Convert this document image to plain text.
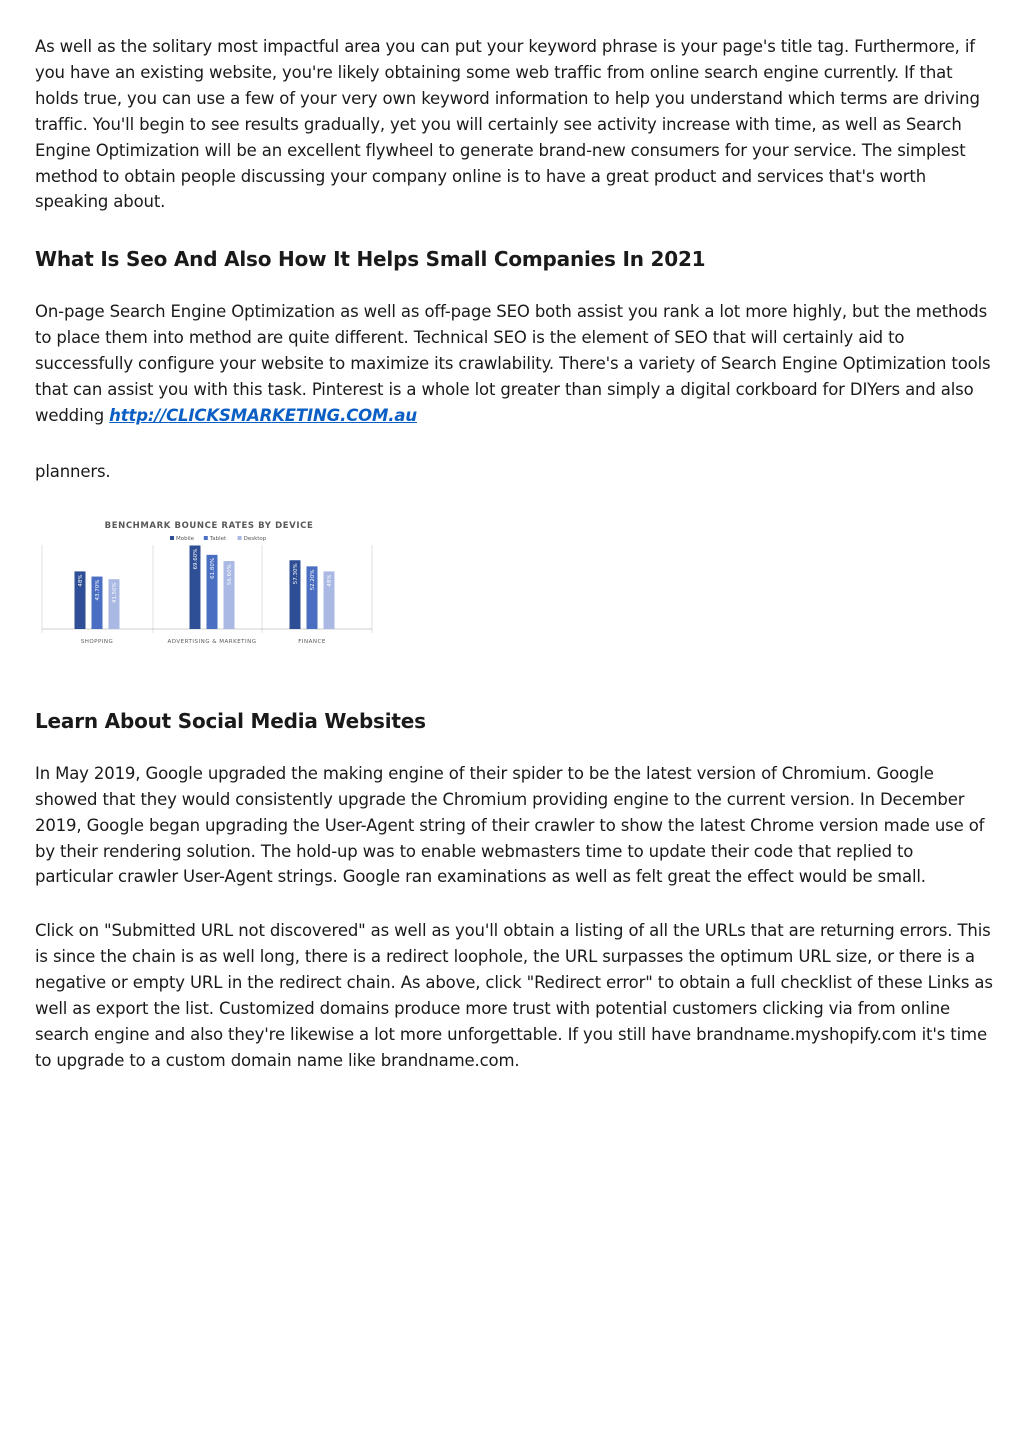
As well as the solitary most impactful area you can put your keyword phrase is your page's title tag. Furthermore, if you have an existing website, you're likely obtaining some web traffic from online search engine currently. If that holds true, you can use a few of your very own keyword information to help you understand which terms are driving traffic. You'll begin to see results gradually, yet you will certainly see activity increase with time, as well as Search Engine Optimization will be an excellent flywheel to generate brand-new consumers for your service. The simplest method to obtain people discussing your company online is to have a great product and services that's worth speaking about.

What Is Seo And Also How It Helps Small Companies In 2021

On-page Search Engine Optimization as well as off-page SEO both assist you rank a lot more highly, but the methods to place them into method are quite different. Technical SEO is the element of SEO that will certainly aid to successfully configure your website to maximize its crawlability. There's a variety of Search Engine Optimization tools that can assist you with this task. Pinterest is a whole lot greater than simply a digital corkboard for DIYers and also wedding http://CLICKSMARKETING.COM.au

planners.

BENCHMARK BOUNCE RATES BY DEVICE
Mobile	Tablet	Desktop
48% 43.70% 41.50%
SHOPPING
69.60% 61.80% 56.60%
ADVERTISING & MARKETING
57.30% 52.20% 48%
FINANCE
Learn About Social Media Websites

In May 2019, Google upgraded the making engine of their spider to be the latest version of Chromium. Google showed that they would consistently upgrade the Chromium providing engine to the current version. In December 2019, Google began upgrading the User-Agent string of their crawler to show the latest Chrome version made use of by their rendering solution. The hold-up was to enable webmasters time to update their code that replied to particular crawler User-Agent strings. Google ran examinations as well as felt great the effect would be small.

Click on "Submitted URL not discovered" as well as you'll obtain a listing of all the URLs that are returning errors. This is since the chain is as well long, there is a redirect loophole, the URL surpasses the optimum URL size, or there is a negative or empty URL in the redirect chain. As above, click "Redirect error" to obtain a full checklist of these Links as well as export the list. Customized domains produce more trust with potential customers clicking via from online search engine and also they're likewise a lot more unforgettable. If you still have brandname.myshopify.com it's time to upgrade to a custom domain name like brandname.com.
